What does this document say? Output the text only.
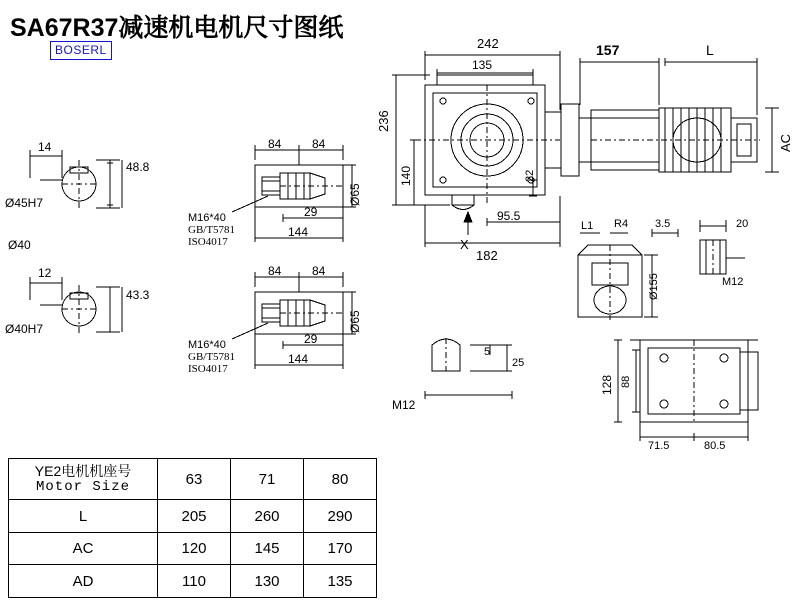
SA67R37减速机电机尺寸图纸
BOSERL
14
Ø45H7
Ø40
48.8
12
Ø40H7
43.3
84	84
29
144
Ø65
M16*40
GB/T5781
ISO4017
84	84
29
144
Ø65
M16*40
GB/T5781
ISO4017
242
135
236
140	22
95.5
182
X
157	L
AC
L1 R4 3.5	20
Ø155	M12
5
25
M12
128 88
71.5	80.5
YE2电机机座号
Motor Size	63	71	80
L	205	260	290
AC	120	145	170
AD	110	130	135
